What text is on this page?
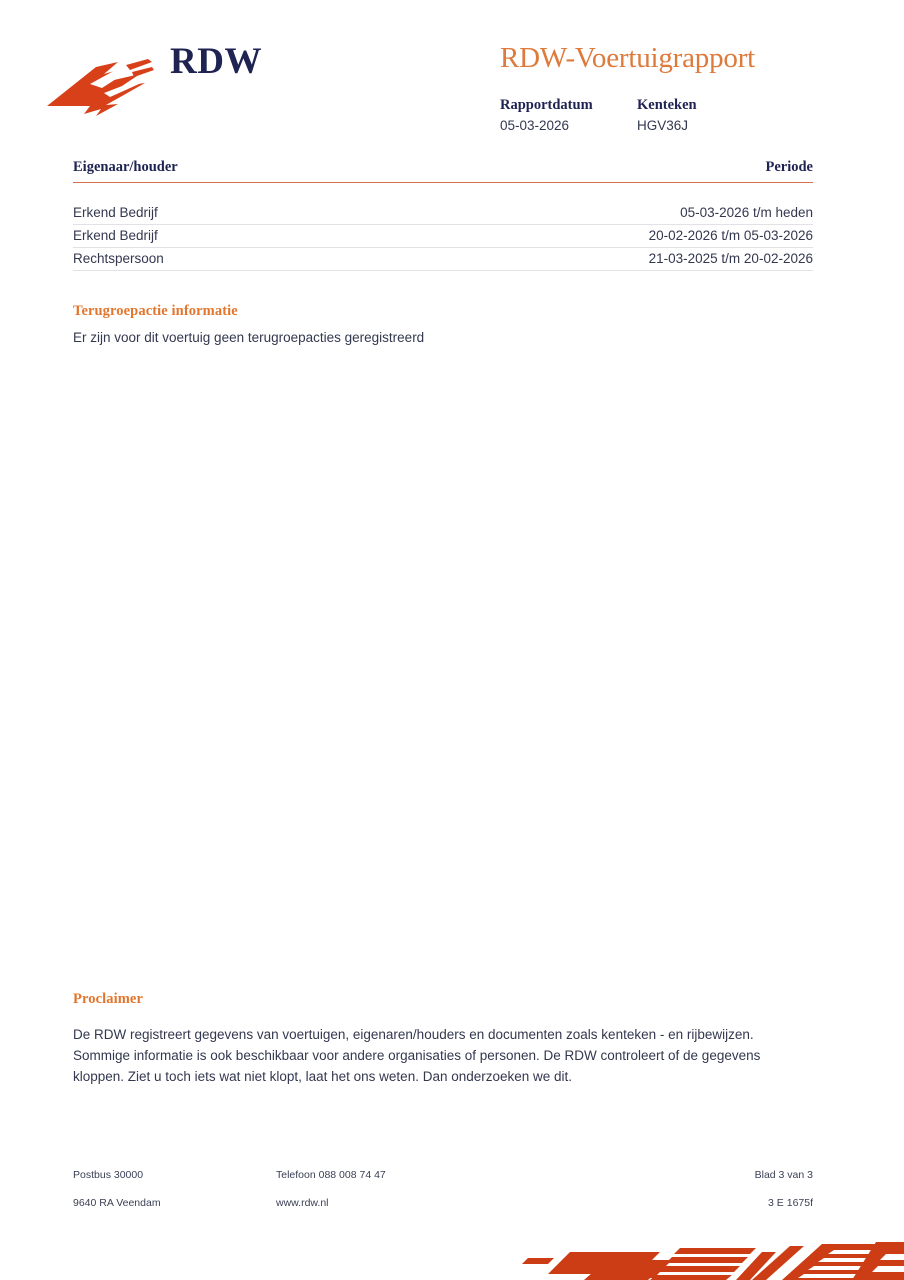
RDW	RDW-Voertuigrapport
Rapportdatum
05-03-2026
Kenteken
HGV36J
Eigenaar/houder	Periode
Erkend Bedrijf	05-03-2026 t/m heden
Erkend Bedrijf	20-02-2026 t/m 05-03-2026
Rechtspersoon	21-03-2025 t/m 20-02-2026
Terugroepactie informatie
Er zijn voor dit voertuig geen terugroepacties geregistreerd
Proclaimer
De RDW registreert gegevens van voertuigen, eigenaren/houders en documenten zoals kenteken - en rijbewijzen.
Sommige informatie is ook beschikbaar voor andere organisaties of personen. De RDW controleert of de gegevens
kloppen. Ziet u toch iets wat niet klopt, laat het ons weten. Dan onderzoeken we dit.
Postbus 30000	Telefoon 088 008 74 47	Blad 3 van 3
9640 RA Veendam	www.rdw.nl	3 E 1675f
